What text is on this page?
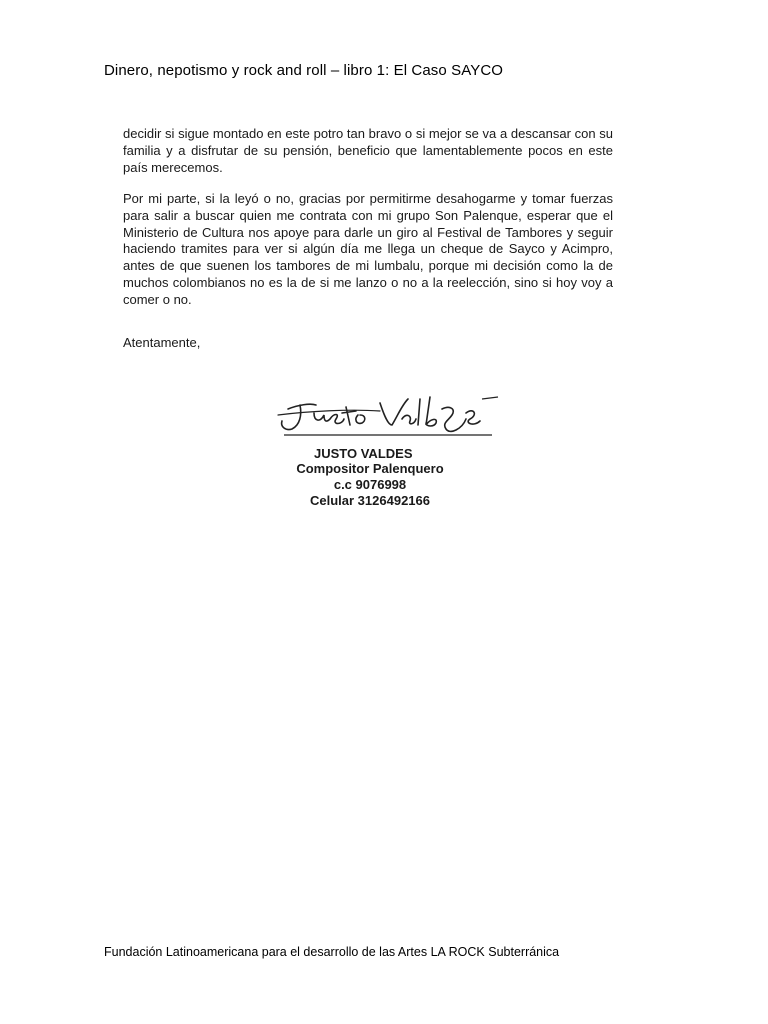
Dinero, nepotismo y rock and roll – libro 1: El Caso SAYCO

decidir si sigue montado en este potro tan bravo o si mejor se va a descansar con su familia y a disfrutar de su pensión, beneficio que lamentablemente pocos en este país merecemos.

Por mi parte, si la leyó o no, gracias por permitirme desahogarme y tomar fuerzas para salir a buscar quien me contrata con mi grupo Son Palenque, esperar que el Ministerio de Cultura nos apoye para darle un giro al Festival de Tambores y seguir haciendo tramites para ver si algún día me llega un cheque de Sayco y Acimpro, antes de que suenen los tambores de mi lumbalu, porque mi decisión como la de muchos colombianos no es la de si me lanzo o no a la reelección, sino si hoy voy a comer o no.

Atentamente,
JUSTO VALDES
Compositor Palenquero
c.c 9076998
Celular 3126492166
Fundación Latinoamericana para el desarrollo de las Artes LA ROCK Subterránica
